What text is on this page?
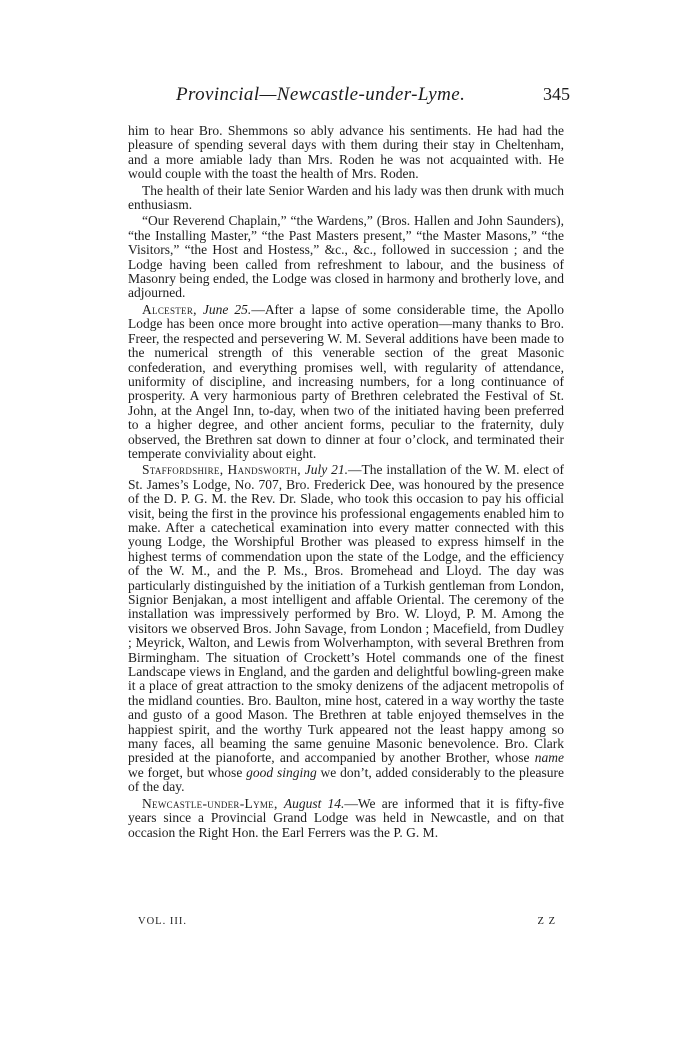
Provincial—Newcastle-under-Lyme.	345

him to hear Bro. Shemmons so ably advance his sentiments. He had had the pleasure of spending several days with them during their stay in Cheltenham, and a more amiable lady than Mrs. Roden he was not acquainted with. He would couple with the toast the health of Mrs. Roden.

The health of their late Senior Warden and his lady was then drunk with much enthusiasm.

“Our Reverend Chaplain,” “the Wardens,” (Bros. Hallen and John Saunders), “the Installing Master,” “the Past Masters present,” “the Master Masons,” “the Visitors,” “the Host and Hostess,” &c., &c., followed in succession ; and the Lodge having been called from refreshment to labour, and the business of Masonry being ended, the Lodge was closed in harmony and brotherly love, and adjourned.

Alcester, June 25.—After a lapse of some considerable time, the Apollo Lodge has been once more brought into active operation—many thanks to Bro. Freer, the respected and persevering W. M. Several additions have been made to the numerical strength of this venerable section of the great Masonic confederation, and everything promises well, with regularity of attendance, uniformity of discipline, and increasing numbers, for a long continuance of prosperity. A very harmonious party of Brethren celebrated the Festival of St. John, at the Angel Inn, to-day, when two of the initiated having been preferred to a higher degree, and other ancient forms, peculiar to the fraternity, duly observed, the Brethren sat down to dinner at four o’clock, and terminated their temperate conviviality about eight.

Staffordshire, Handsworth, July 21.—The installation of the W. M. elect of St. James’s Lodge, No. 707, Bro. Frederick Dee, was honoured by the presence of the D. P. G. M. the Rev. Dr. Slade, who took this occasion to pay his official visit, being the first in the province his professional engagements enabled him to make. After a catechetical examination into every matter connected with this young Lodge, the Worshipful Brother was pleased to express himself in the highest terms of commendation upon the state of the Lodge, and the efficiency of the W. M., and the P. Ms., Bros. Bromehead and Lloyd. The day was particularly distinguished by the initiation of a Turkish gentleman from London, Signior Benjakan, a most intelligent and affable Oriental. The ceremony of the installation was impressively performed by Bro. W. Lloyd, P. M. Among the visitors we observed Bros. John Savage, from London ; Macefield, from Dudley ; Meyrick, Walton, and Lewis from Wolverhampton, with several Brethren from Birmingham. The situation of Crockett’s Hotel commands one of the finest Landscape views in England, and the garden and delightful bowling-green make it a place of great attraction to the smoky denizens of the adjacent metropolis of the midland counties. Bro. Baulton, mine host, catered in a way worthy the taste and gusto of a good Mason. The Brethren at table enjoyed themselves in the happiest spirit, and the worthy Turk appeared not the least happy among so many faces, all beaming the same genuine Masonic benevolence. Bro. Clark presided at the pianoforte, and accompanied by another Brother, whose name we forget, but whose good singing we don’t, added considerably to the pleasure of the day.

Newcastle-under-Lyme, August 14.—We are informed that it is fifty-five years since a Provincial Grand Lodge was held in Newcastle, and on that occasion the Right Hon. the Earl Ferrers was the P. G. M.

VOL. III.	Z Z
